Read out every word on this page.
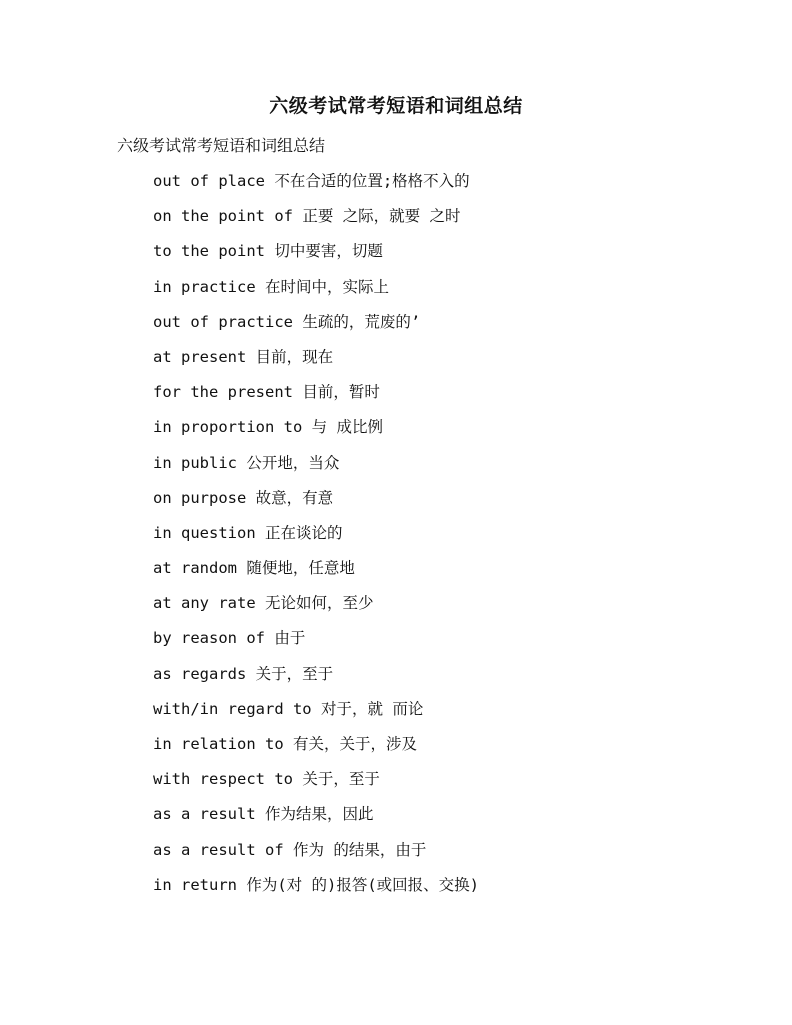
六级考试常考短语和词组总结
六级考试常考短语和词组总结
out of place 不在合适的位置;格格不入的
on the point of 正要 之际，就要 之时
to the point 切中要害，切题
in practice 在时间中，实际上
out of practice 生疏的，荒废的’
at present 目前，现在
for the present 目前，暂时
in proportion to 与 成比例
in public 公开地，当众
on purpose 故意，有意
in question 正在谈论的
at random 随便地，任意地
at any rate 无论如何，至少
by reason of 由于
as regards 关于，至于
with/in regard to 对于，就 而论
in relation to 有关，关于，涉及
with respect to 关于，至于
as a result 作为结果，因此
as a result of 作为 的结果，由于
in return 作为(对 的)报答(或回报、交换)
